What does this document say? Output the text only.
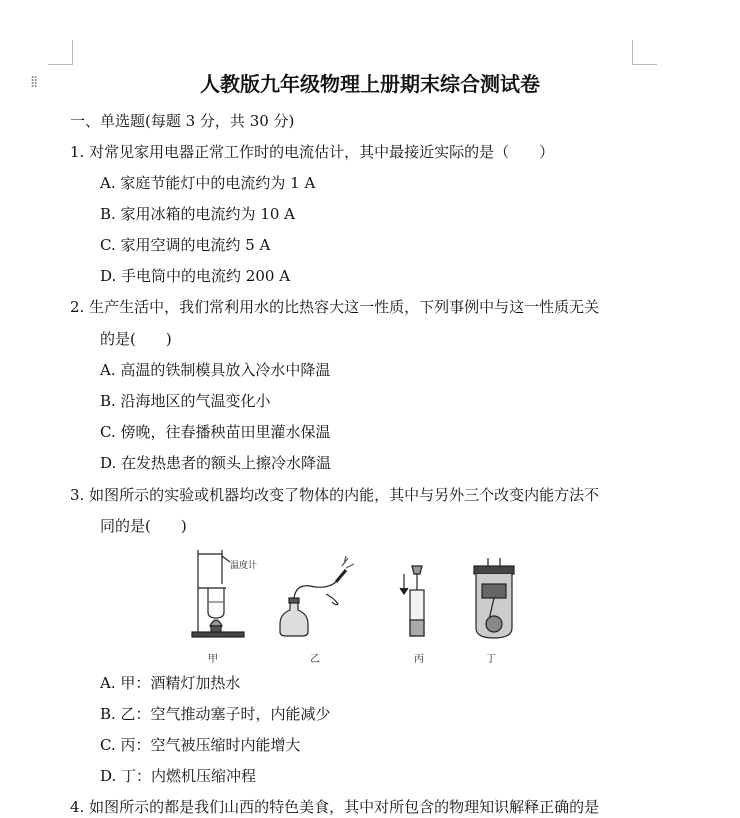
⁞⁞	人教版九年级物理上册期末综合测试卷
一、单选题(每题 3 分，共 30 分)
1. 对常见家用电器正常工作时的电流估计，其中最接近实际的是（　　）
A. 家庭节能灯中的电流约为 1 A
B. 家用冰箱的电流约为 10 A
C. 家用空调的电流约 5 A
D. 手电筒中的电流约 200 A
2. 生产生活中，我们常利用水的比热容大这一性质，下列事例中与这一性质无关
的是(　　)
A. 高温的铁制模具放入冷水中降温
B. 沿海地区的气温变化小
C. 傍晚，往春播秧苗田里灌水保温
D. 在发热患者的额头上擦冷水降温
3. 如图所示的实验或机器均改变了物体的内能，其中与另外三个改变内能方法不
同的是(　　)
温度计
甲	乙	丙	丁
A. 甲：酒精灯加热水
B. 乙：空气推动塞子时，内能减少
C. 丙：空气被压缩时内能增大
D. 丁：内燃机压缩冲程
4. 如图所示的都是我们山西的特色美食，其中对所包含的物理知识解释正确的是
